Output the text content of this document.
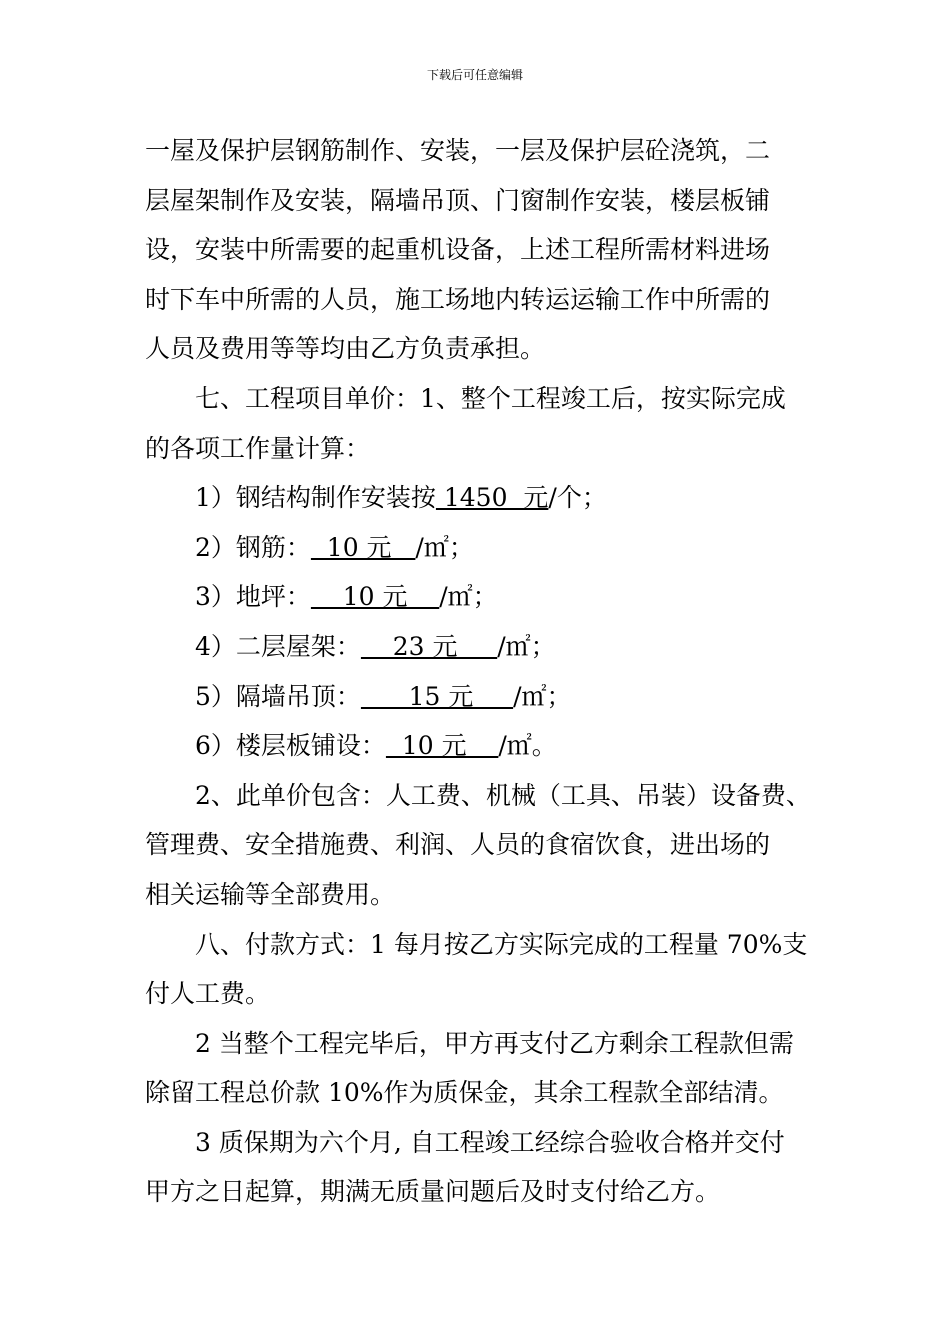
下载后可任意编辑
一屋及保护层钢筋制作、安装，一层及保护层砼浇筑，二
层屋架制作及安装，隔墙吊顶、门窗制作安装，楼层板铺
设，安装中所需要的起重机设备，上述工程所需材料进场
时下车中所需的人员，施工场地内转运运输工作中所需的
人员及费用等等均由乙方负责承担。
七、工程项目单价：1、整个工程竣工后，按实际完成
的各项工作量计算：
1）钢结构制作安装按 1450  元/个；
2）钢筋：  10 元   /㎡；
3）地坪：    10 元    /㎡；
4）二层屋架：    23 元     /㎡；
5）隔墙吊顶：      15 元     /㎡；
6）楼层板铺设：  10 元    /㎡。
2、此单价包含：人工费、机械（工具、吊装）设备费、
管理费、安全措施费、利润、人员的食宿饮食，进出场的
相关运输等全部费用。
八、付款方式：1 每月按乙方实际完成的工程量 70%支
付人工费。
2 当整个工程完毕后，甲方再支付乙方剩余工程款但需
除留工程总价款 10%作为质保金，其余工程款全部结清。
3 质保期为六个月, 自工程竣工经综合验收合格并交付
甲方之日起算，期满无质量问题后及时支付给乙方。
